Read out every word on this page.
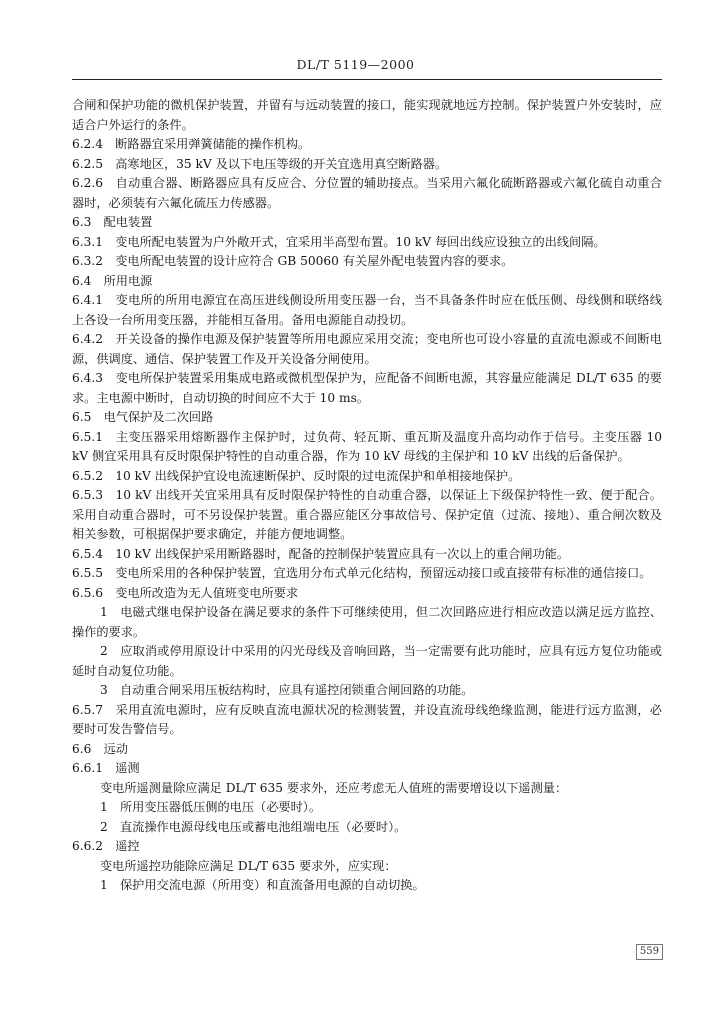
DL/T 5119—2000

合闸和保护功能的微机保护装置，并留有与远动装置的接口，能实现就地远方控制。保护装置户外安装时，应适合户外运行的条件。

6.2.4　断路器宜采用弹簧储能的操作机构。

6.2.5　高寒地区，35 kV 及以下电压等级的开关宜选用真空断路器。

6.2.6　自动重合器、断路器应具有反应合、分位置的辅助接点。当采用六氟化硫断路器或六氟化硫自动重合器时，必须装有六氟化硫压力传感器。

6.3　配电装置

6.3.1　变电所配电装置为户外敞开式，宜采用半高型布置。10 kV 每回出线应设独立的出线间隔。

6.3.2　变电所配电装置的设计应符合 GB 50060 有关屋外配电装置内容的要求。

6.4　所用电源

6.4.1　变电所的所用电源宜在高压进线侧设所用变压器一台，当不具备条件时应在低压侧、母线侧和联络线上各设一台所用变压器，并能相互备用。备用电源能自动投切。

6.4.2　开关设备的操作电源及保护装置等所用电源应采用交流；变电所也可设小容量的直流电源或不间断电源，供调度、通信、保护装置工作及开关设备分闸使用。

6.4.3　变电所保护装置采用集成电路或微机型保护为，应配备不间断电源，其容量应能满足 DL/T 635 的要求。主电源中断时，自动切换的时间应不大于 10 ms。

6.5　电气保护及二次回路

6.5.1　主变压器采用熔断器作主保护时，过负荷、轻瓦斯、重瓦斯及温度升高均动作于信号。主变压器 10 kV 侧宜采用具有反时限保护特性的自动重合器，作为 10 kV 母线的主保护和 10 kV 出线的后备保护。

6.5.2　10 kV 出线保护宜设电流速断保护、反时限的过电流保护和单相接地保护。

6.5.3　10 kV 出线开关宜采用具有反时限保护特性的自动重合器，以保证上下级保护特性一致、便于配合。采用自动重合器时，可不另设保护装置。重合器应能区分事故信号、保护定值（过流、接地）、重合闸次数及相关参数，可根据保护要求确定，并能方便地调整。

6.5.4　10 kV 出线保护采用断路器时，配备的控制保护装置应具有一次以上的重合闸功能。

6.5.5　变电所采用的各种保护装置，宜选用分布式单元化结构，预留远动接口或直接带有标准的通信接口。

6.5.6　变电所改造为无人值班变电所要求

1　电磁式继电保护设备在满足要求的条件下可继续使用，但二次回路应进行相应改造以满足远方监控、操作的要求。

2　应取消或停用原设计中采用的闪光母线及音响回路，当一定需要有此功能时，应具有远方复位功能或延时自动复位功能。

3　自动重合闸采用压板结构时，应具有遥控闭锁重合闸回路的功能。

6.5.7　采用直流电源时，应有反映直流电源状况的检测装置，并设直流母线绝缘监测，能进行远方监测，必要时可发告警信号。

6.6　远动

6.6.1　遥测

变电所遥测量除应满足 DL/T 635 要求外，还应考虑无人值班的需要增设以下遥测量：

1　所用变压器低压侧的电压（必要时）。

2　直流操作电源母线电压或蓄电池组端电压（必要时）。

6.6.2　遥控

变电所遥控功能除应满足 DL/T 635 要求外，应实现：

1　保护用交流电源（所用变）和直流备用电源的自动切换。

559
